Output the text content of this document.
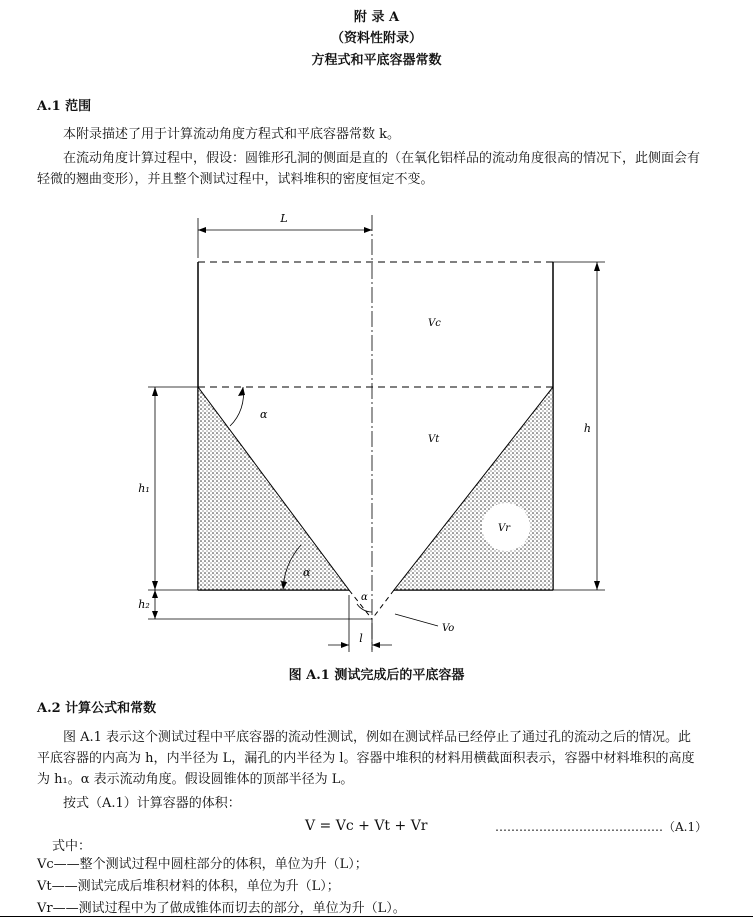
附 录 A
（资料性附录）
方程式和平底容器常数
A.1 范围
本附录描述了用于计算流动角度方程式和平底容器常数 k。
在流动角度计算过程中，假设：圆锥形孔洞的侧面是直的（在氧化铝样品的流动角度很高的情况下，此侧面会有轻微的翘曲变形），并且整个测试过程中，试料堆积的密度恒定不变。
L
h
h₁
h₂
l
α
α
α
Vc
Vt
Vr
Vo
图 A.1 测试完成后的平底容器
A.2 计算公式和常数
图 A.1 表示这个测试过程中平底容器的流动性测试，例如在测试样品已经停止了通过孔的流动之后的情况。此平底容器的内高为 h，内半径为 L，漏孔的内半径为 l。容器中堆积的材料用横截面积表示，容器中材料堆积的高度为 h₁。α 表示流动角度。假设圆锥体的顶部半径为 L。
按式（A.1）计算容器的体积：
V = Vc + Vt + Vr	……………………………………（A.1）
式中：
Vc——整个测试过程中圆柱部分的体积，单位为升（L）；
Vt——测试完成后堆积材料的体积，单位为升（L）；
Vr——测试过程中为了做成锥体而切去的部分，单位为升（L）。
